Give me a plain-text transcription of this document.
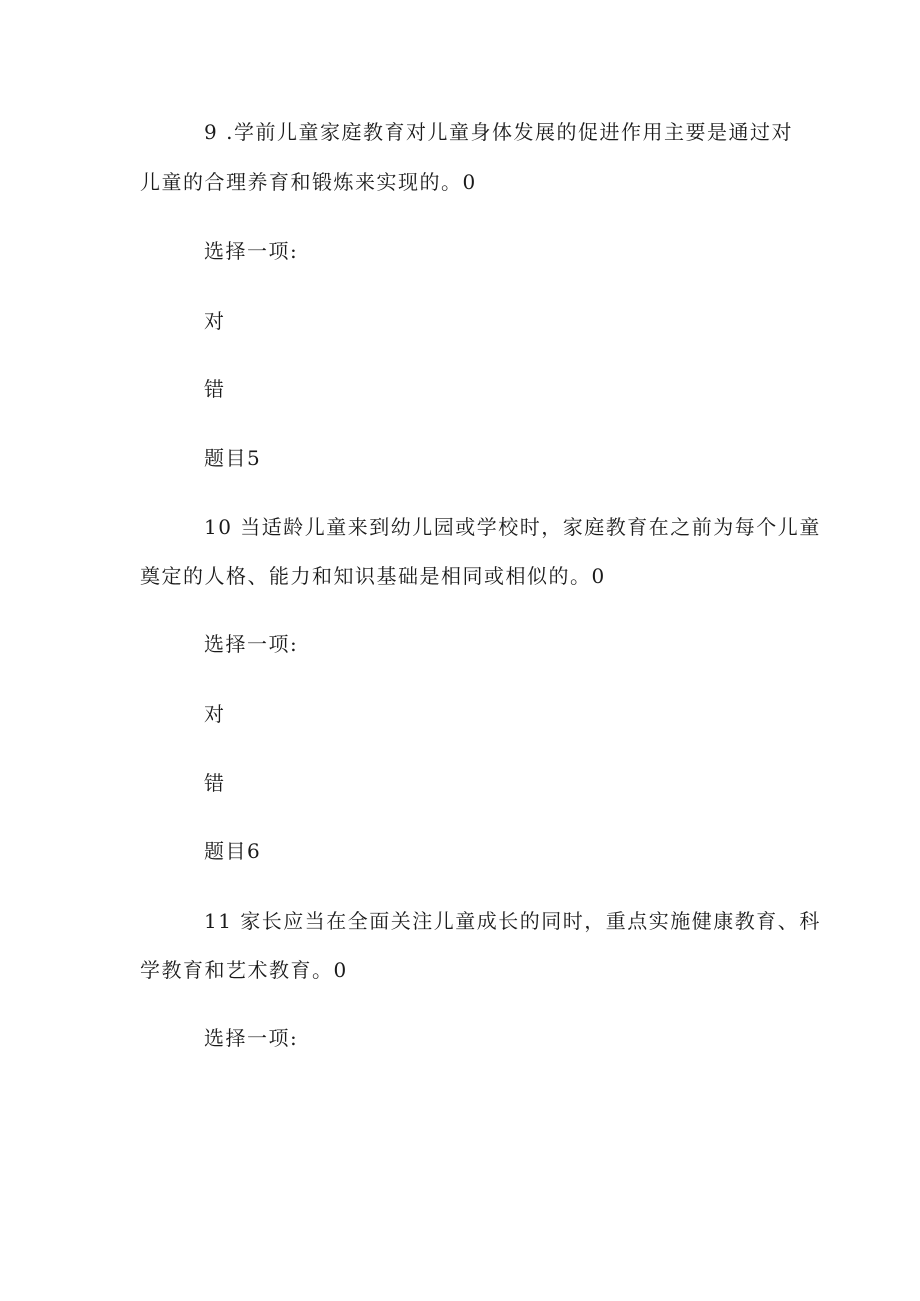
9 .学前儿童家庭教育对儿童身体发展的促进作用主要是通过 对
儿童的合理养育和锻炼来实现的。0
选择一项:
对
错
题目5
10 当适龄儿童来到幼儿园或学校时，家庭教育在之前为每个儿 童
奠定的人格、能力和知识基础是相同或相似的。0
选择一项:
对
错
题目6
11 家长应当在全面关注儿童成长的同时，重点实施健康教育、 科
学教育和艺术教育。0
选择一项:
